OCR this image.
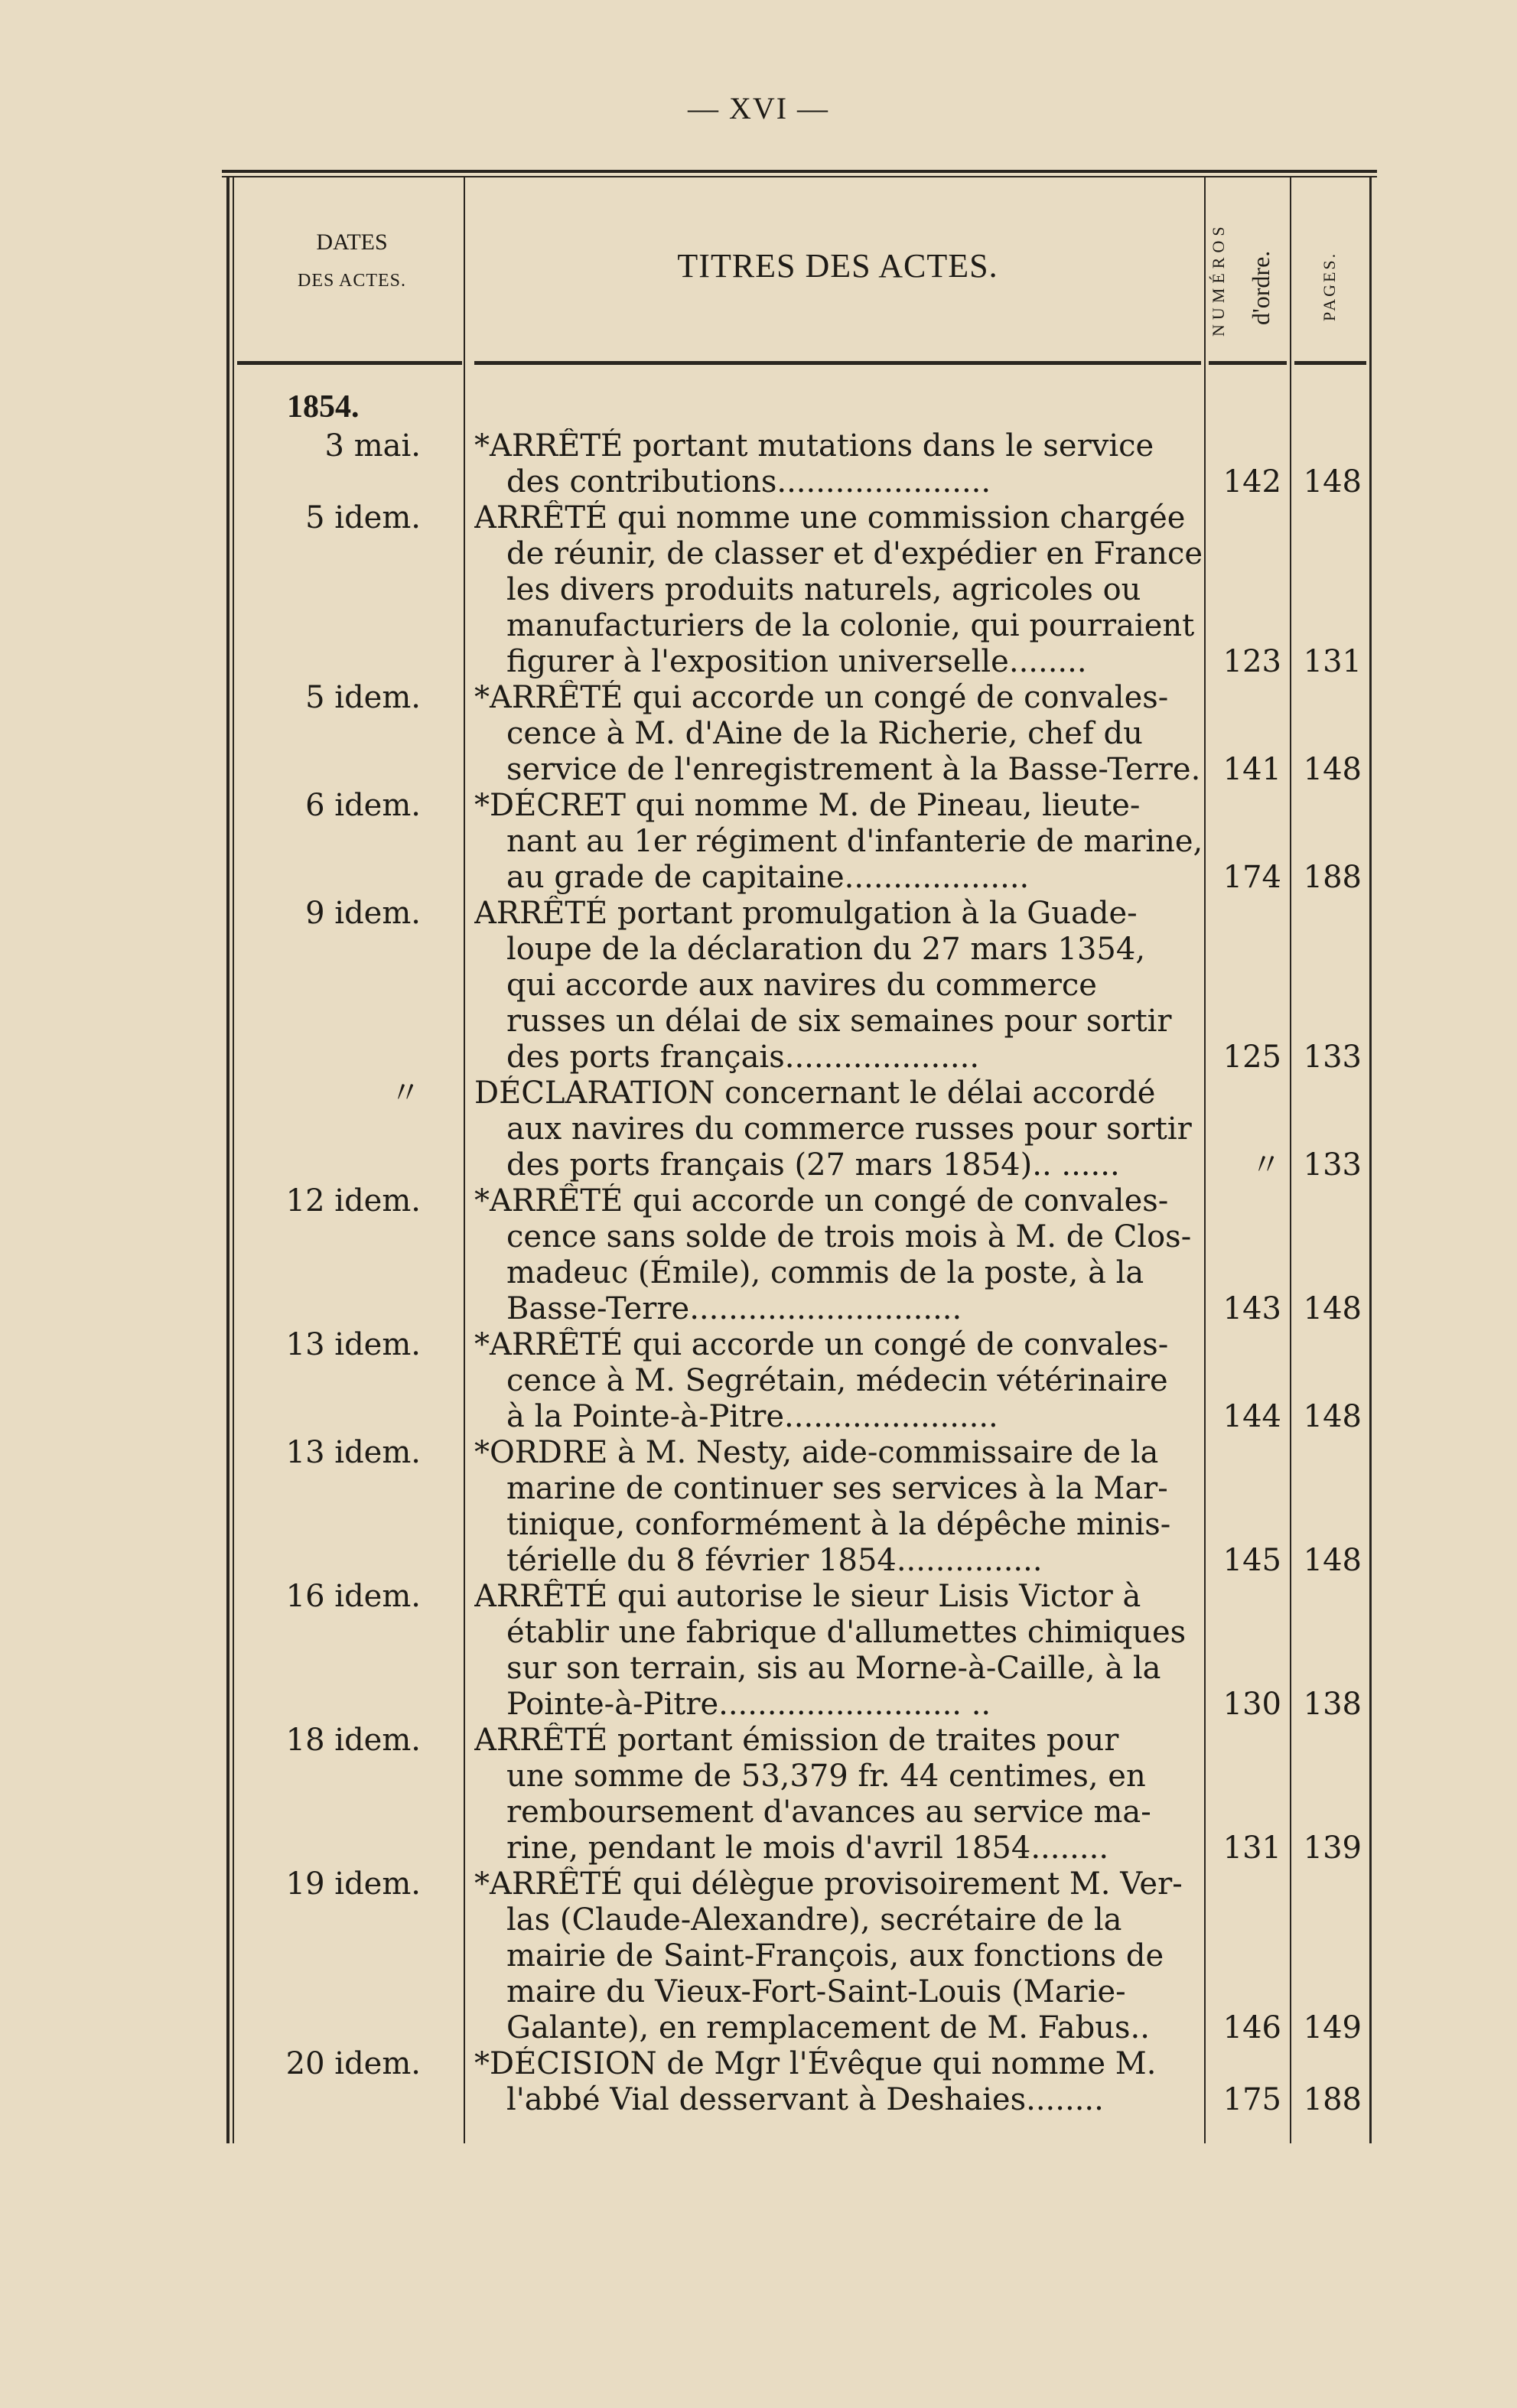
— XVI —
DATES
DES ACTES.	TITRES DES ACTES.	NUMÉROS d'ordre.	PAGES.
1854.
3 mai. *ARRÊTÉ portant mutations dans le service
des contributions......................	142 148
5 idem. ARRÊTÉ qui nomme une commission chargée
de réunir, de classer et d'expédier en France
les divers produits naturels, agricoles ou
manufacturiers de la colonie, qui pourraient
figurer à l'exposition universelle........	123 131
5 idem. *ARRÊTÉ qui accorde un congé de convales-
cence à M. d'Aine de la Richerie, chef du
service de l'enregistrement à la Basse-Terre. 141 148
6 idem. *DÉCRET qui nomme M. de Pineau, lieute-
nant au 1er régiment d'infanterie de marine,
au grade de capitaine...................	174 188
9 idem. ARRÊTÉ portant promulgation à la Guade-
loupe de la déclaration du 27 mars 1354,
qui accorde aux navires du commerce
russes un délai de six semaines pour sortir
des ports français....................	125 133
〃 DÉCLARATION concernant le délai accordé
aux navires du commerce russes pour sortir
des ports français (27 mars 1854).. ......	〃 133
12 idem. *ARRÊTÉ qui accorde un congé de convales-
cence sans solde de trois mois à M. de Clos-
madeuc (Émile), commis de la poste, à la
Basse-Terre............................	143 148
13 idem. *ARRÊTÉ qui accorde un congé de convales-
cence à M. Segrétain, médecin vétérinaire
à la Pointe-à-Pitre......................	144 148
13 idem. *ORDRE à M. Nesty, aide-commissaire de la
marine de continuer ses services à la Mar-
tinique, conformément à la dépêche minis-
térielle du 8 février 1854...............	145 148
16 idem. ARRÊTÉ qui autorise le sieur Lisis Victor à
établir une fabrique d'allumettes chimiques
sur son terrain, sis au Morne-à-Caille, à la
Pointe-à-Pitre......................... ..	130 138
18 idem. ARRÊTÉ portant émission de traites pour
une somme de 53,379 fr. 44 centimes, en
remboursement d'avances au service ma-
rine, pendant le mois d'avril 1854........	131 139
19 idem. *ARRÊTÉ qui délègue provisoirement M. Ver-
las (Claude-Alexandre), secrétaire de la
mairie de Saint-François, aux fonctions de
maire du Vieux-Fort-Saint-Louis (Marie-
Galante), en remplacement de M. Fabus..	146 149
20 idem. *DÉCISION de Mgr l'Évêque qui nomme M.
l'abbé Vial desservant à Deshaies........	175 188
